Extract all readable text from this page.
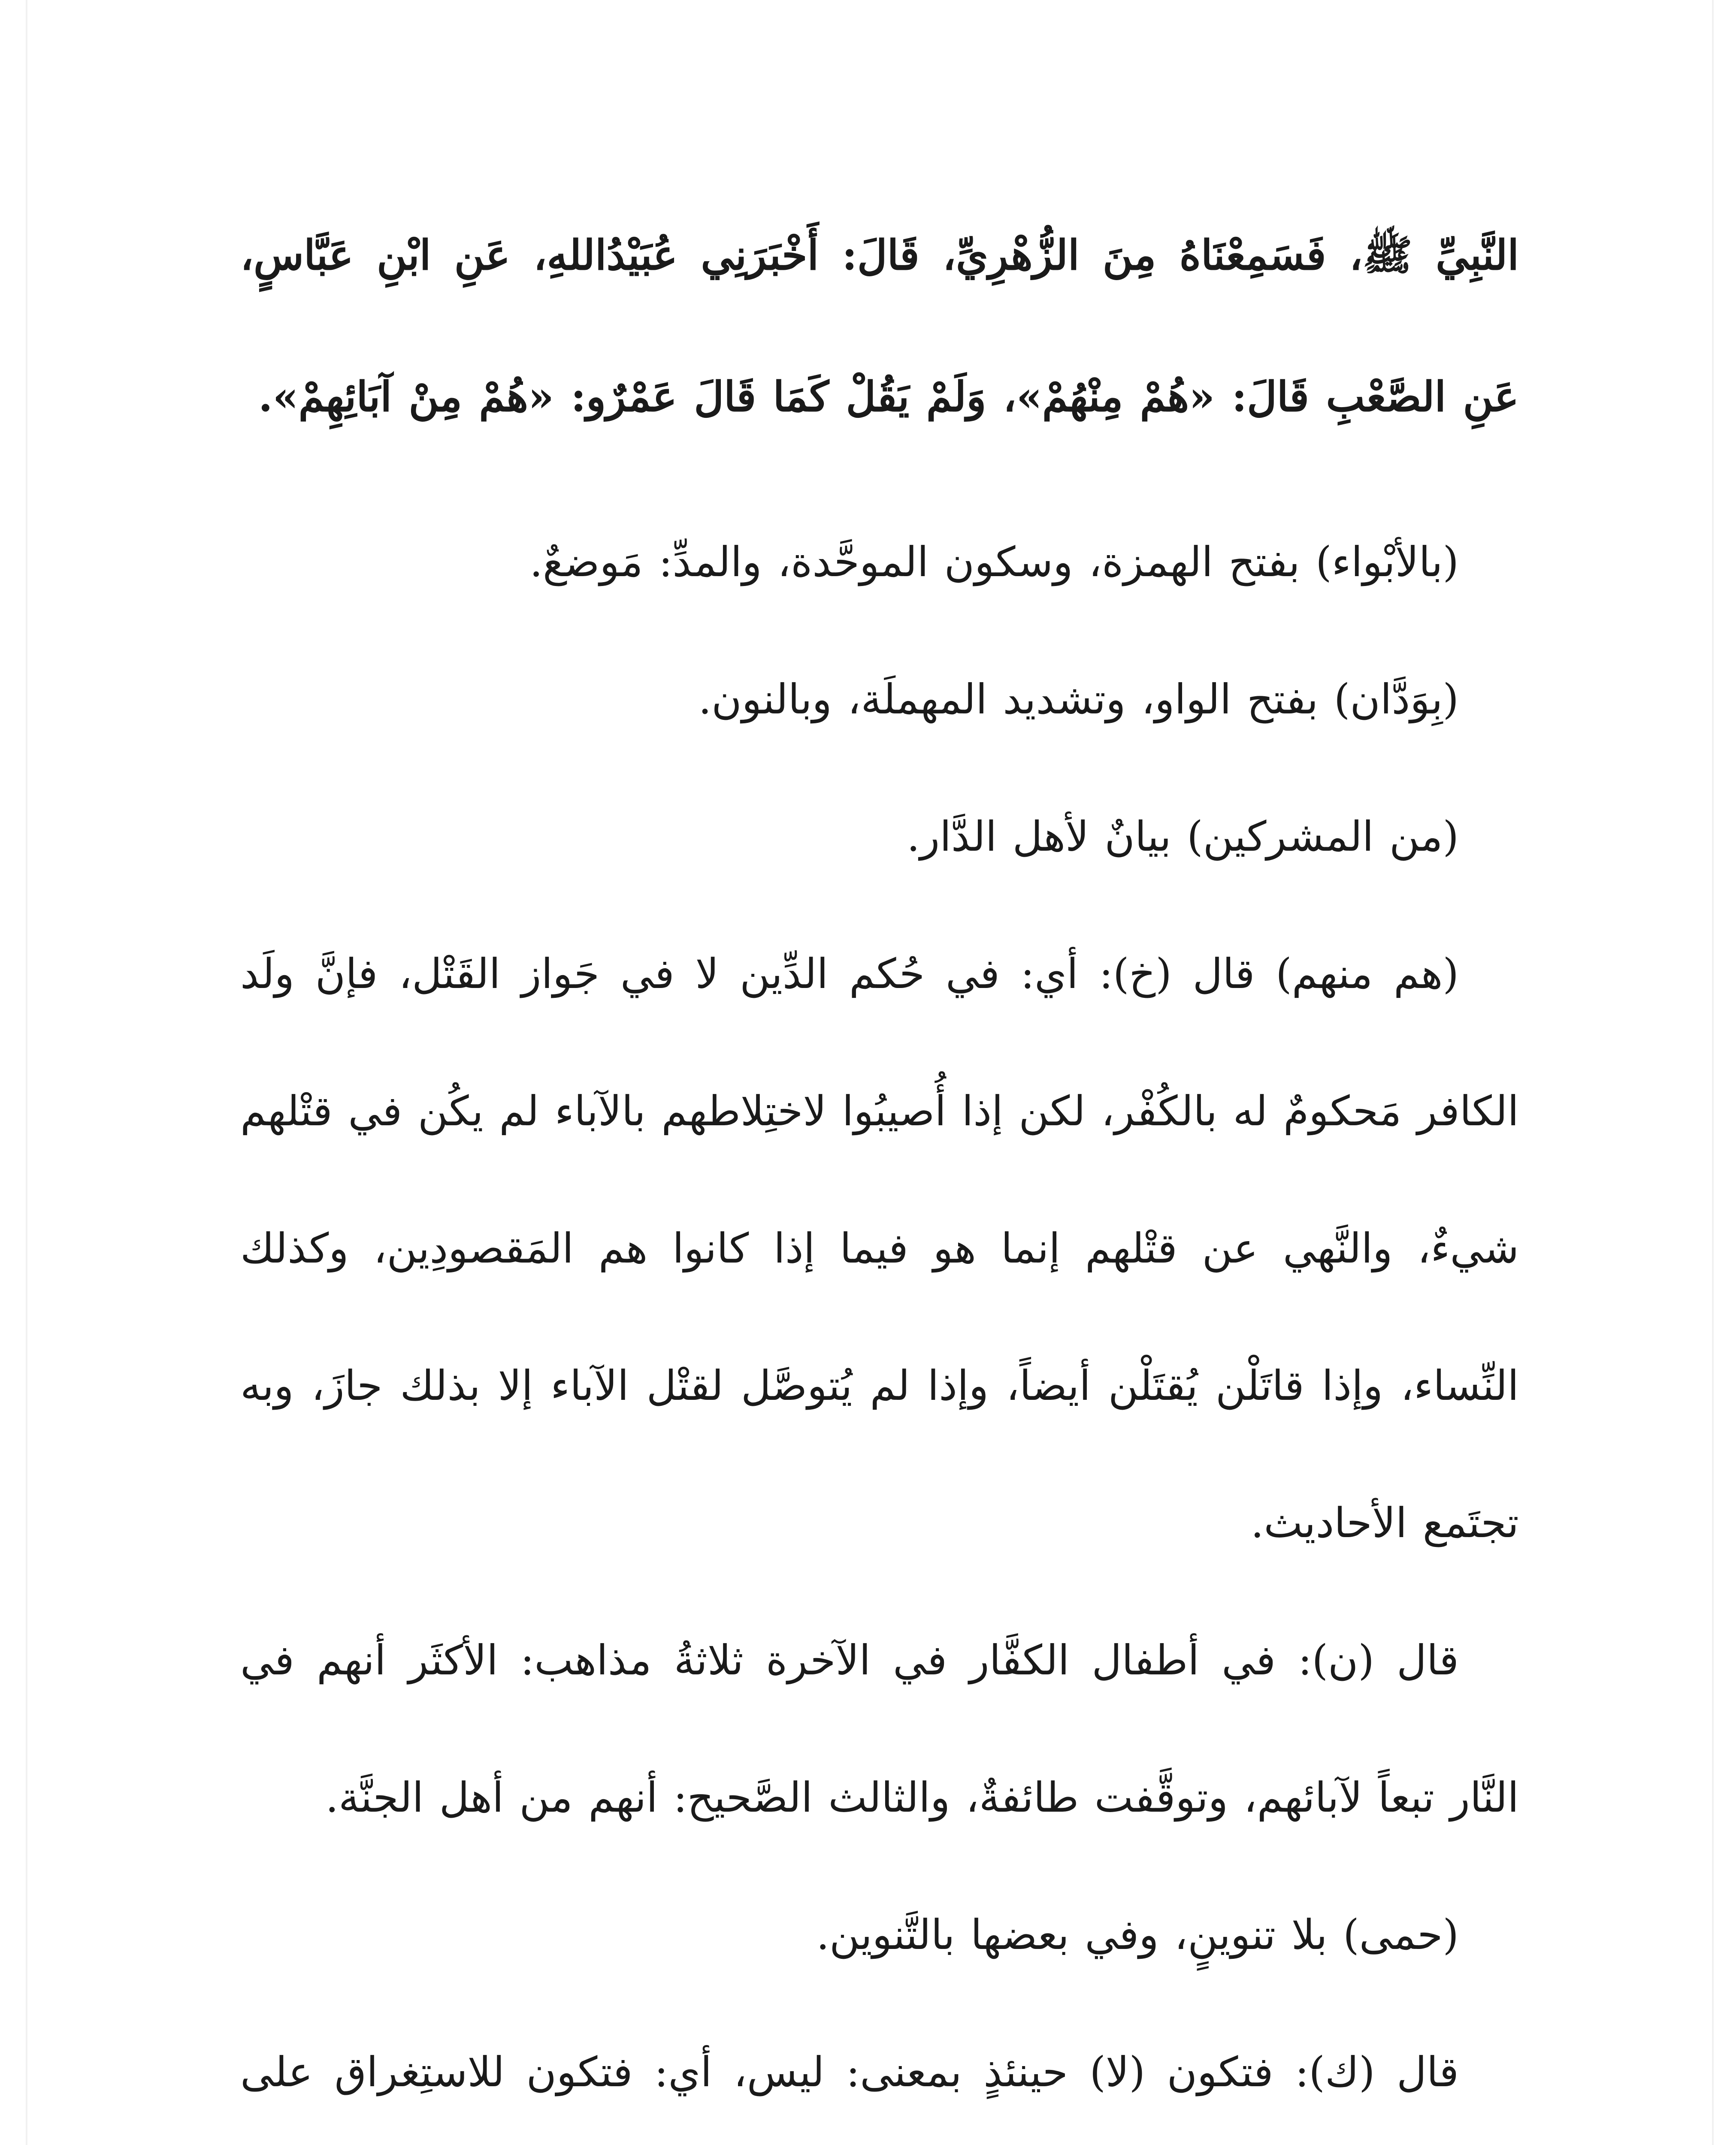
النَّبِيِّ ﷺ، فَسَمِعْنَاهُ مِنَ الزُّهْرِيِّ، قَالَ: أَخْبَرَنِي عُبَيْدُاللهِ، عَنِ ابْنِ عَبَّاسٍ، عَنِ الصَّعْبِ قَالَ: «هُمْ مِنْهُمْ»، وَلَمْ يَقُلْ كَمَا قَالَ عَمْرٌو: «هُمْ مِنْ آبَائِهِمْ».

(بالأبْواء) بفتح الهمزة، وسكون الموحَّدة، والمدِّ: مَوضعٌ.

(بِوَدَّان) بفتح الواو، وتشديد المهملَة، وبالنون.

(من المشركين) بيانٌ لأهل الدَّار.

(هم منهم) قال (خ): أي: في حُكم الدِّين لا في جَواز القَتْل، فإنَّ ولَد الكافر مَحكومٌ له بالكُفْر، لكن إذا أُصيبُوا لاختِلاطهم بالآباء لم يكُن في قتْلهم شيءٌ، والنَّهي عن قتْلهم إنما هو فيما إذا كانوا هم المَقصودِين، وكذلك النِّساء، وإذا قاتَلْن يُقتَلْن أيضاً، وإذا لم يُتوصَّل لقتْل الآباء إلا بذلك جازَ، وبه تجتَمع الأحاديث.

قال (ن): في أطفال الكفَّار في الآخرة ثلاثةُ مذاهب: الأكثَر أنهم في النَّار تبعاً لآبائهم، وتوقَّفت طائفةٌ، والثالث الصَّحيح: أنهم من أهل الجنَّة.

(حمى) بلا تنوينٍ، وفي بعضها بالتَّنوين.

قال (ك): فتكون (لا) حينئذٍ بمعنى: ليس، أي: فتكون للاستِغراق على
